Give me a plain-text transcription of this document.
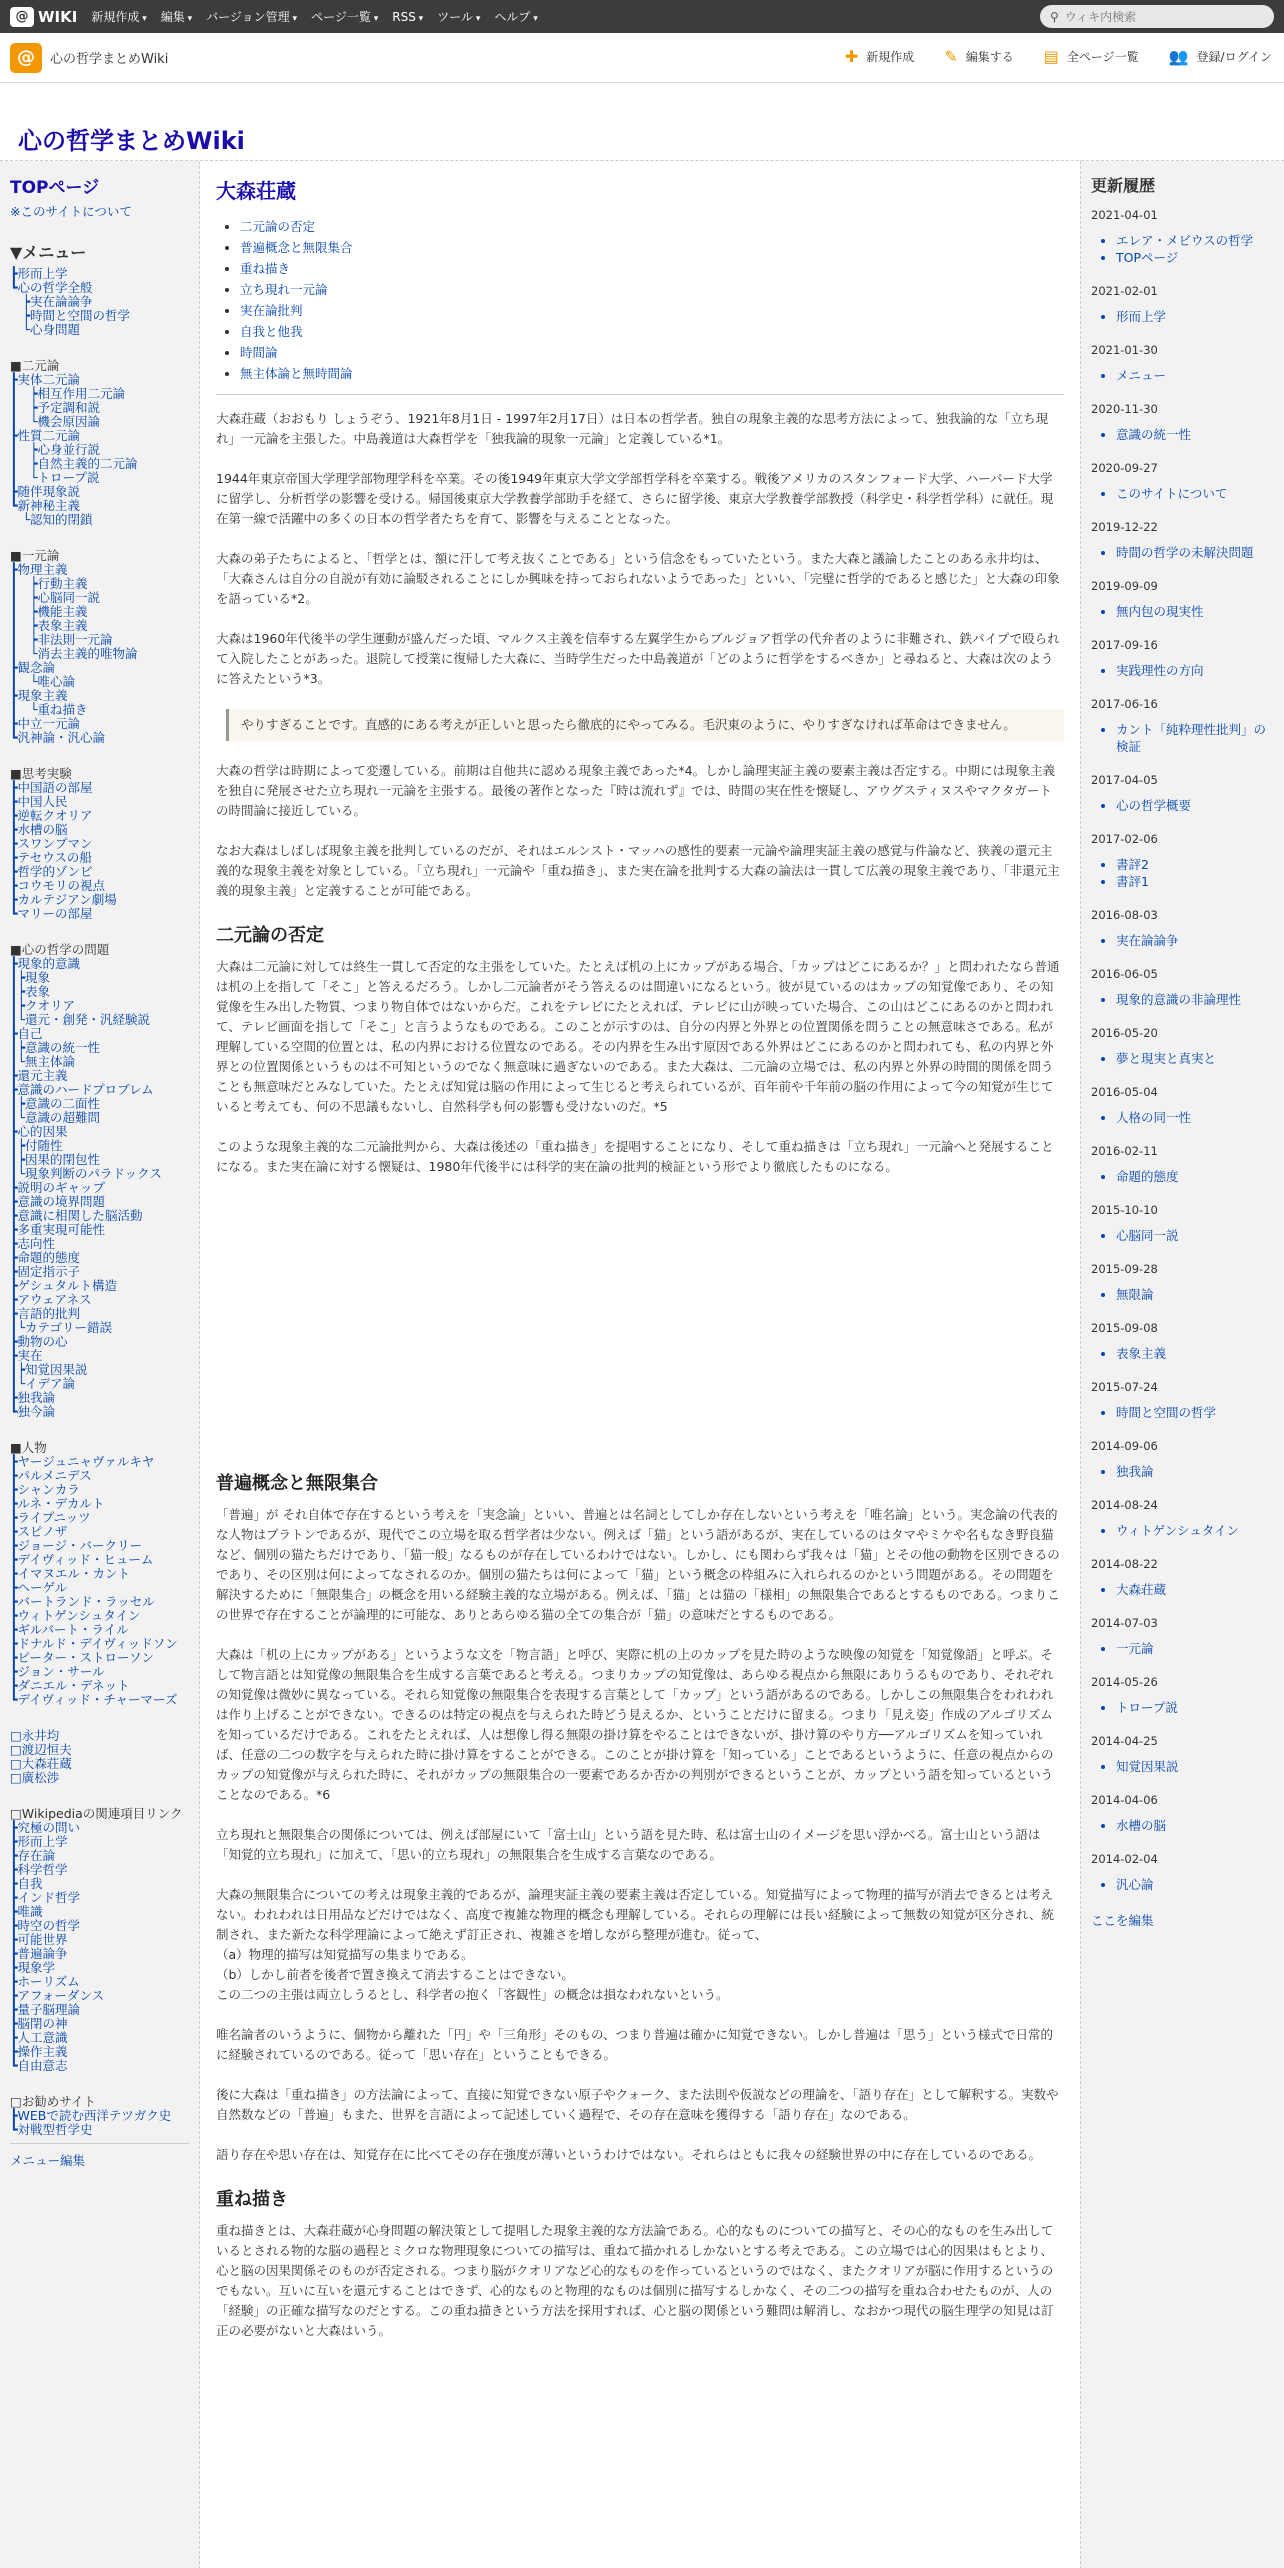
@ WIKI 新規作成 ▾	編集 ▾	バージョン管理 ▾	ページ一覧 ▾	RSS ▾	ツール ▾	ヘルプ ▾	⚲
ウィキ内検索
@	心の哲学まとめWiki	✚ 新規作成 ✎ 編集する ▤ 全ページ一覧 👥 登録/ログイン
心の哲学まとめWiki
TOPページ
※このサイトについて
▼メニュー
┣形而上学
┗心の哲学全般
　┝実在論論争
　┝時間と空間の哲学
　└心身問題
■二元論
┣実体二元論
┃　┝相互作用二元論
┃　┝予定調和説
┃　└機会原因論
┣性質二元論
┃　┝心身並行説
┃　┝自然主義的二元論
┃　└トロープ説
┣随伴現象説
┗新神秘主義
　└認知的閉鎖
■一元論
┣物理主義
┃　┝行動主義
┃　┝心脳同一説
┃　┝機能主義
┃　┝表象主義
┃　┝非法則一元論
┃　└消去主義的唯物論
┣観念論
┃　└唯心論
┣現象主義
┃　└重ね描き
┣中立一元論
┗汎神論・汎心論
■思考実験
┣中国語の部屋
┣中国人民
┣逆転クオリア
┣水槽の脳
┣スワンプマン
┣テセウスの船
┣哲学的ゾンビ
┣コウモリの視点
┣カルテジアン劇場
┗マリーの部屋
■心の哲学の問題
┣現象的意識
┃┝現象
┃┝表象
┃┝クオリア
┃└還元・創発・汎経験説
┣自己
┃┝意識の統一性
┃└無主体論
┣還元主義
┣意識のハードプロブレム
┃┝意識の二面性
┃└意識の超難問
┣心的因果
┃┝付随性
┃┝因果的閉包性
┃└現象判断のパラドックス
┣説明のギャップ
┣意識の境界問題
┣意識に相関した脳活動
┣多重実現可能性
┣志向性
┣命題的態度
┣固定指示子
┣ゲシュタルト構造
┣アウェアネス
┣言語的批判
┃└カテゴリー錯誤
┣動物の心
┣実在
┃┝知覚因果説
┃└イデア論
┣独我論
┗独今論
■人物
┣ヤージュニャヴァルキヤ
┣パルメニデス
┣シャンカラ
┣ルネ・デカルト
┣ライプニッツ
┣スピノザ
┣ジョージ・バークリー
┣デイヴィッド・ヒューム
┣イマヌエル・カント
┣ヘーゲル
┣バートランド・ラッセル
┣ウィトゲンシュタイン
┣ギルバート・ライル
┣ドナルド・デイヴィッドソン
┣ピーター・ストローソン
┣ジョン・サール
┣ダニエル・デネット
┗デイヴィッド・チャーマーズ
□永井均
□渡辺恒夫
□大森荘蔵
□廣松渉
□Wikipediaの関連項目リンク
┣究極の問い
┣形而上学
┣存在論
┣科学哲学
┣自我
┣インド哲学
┣唯識
┣時空の哲学
┣可能世界
┣普遍論争
┣現象学
┣ホーリズム
┣アフォーダンス
┣量子脳理論
┣脳閉の神
┣人工意識
┣操作主義
┗自由意志
□お勧めサイト
┣WEBで読む西洋テツガク史
┗対戦型哲学史
メニュー編集
大森荘蔵
• 二元論の否定
• 普遍概念と無限集合
• 重ね描き
• 立ち現れ一元論
• 実在論批判
• 自我と他我
• 時間論
• 無主体論と無時間論

大森荘蔵（おおもり しょうぞう、1921年8月1日 - 1997年2月17日）は日本の哲学者。独自の現象主義的な思考方法によって、独我論的な「立ち現れ」一元論を主張した。中島義道は大森哲学を「独我論的現象一元論」と定義している*1。

1944年東京帝国大学理学部物理学科を卒業。その後1949年東京大学文学部哲学科を卒業する。戦後アメリカのスタンフォード大学、ハーバード大学に留学し、分析哲学の影響を受ける。帰国後東京大学教養学部助手を経て、さらに留学後、東京大学教養学部教授（科学史・科学哲学科）に就任。現在第一線で活躍中の多くの日本の哲学者たちを育て、影響を与えることとなった。

大森の弟子たちによると、「哲学とは、額に汗して考え抜くことである」という信念をもっていたという。また大森と議論したことのある永井均は、「大森さんは自分の自説が有効に論駁されることにしか興味を持っておられないようであった」といい、「完璧に哲学的であると感じた」と大森の印象を語っている*2。

大森は1960年代後半の学生運動が盛んだった頃、マルクス主義を信奉する左翼学生からブルジョア哲学の代弁者のように非難され、鉄パイプで殴られて入院したことがあった。退院して授業に復帰した大森に、当時学生だった中島義道が「どのように哲学をするべきか」と尋ねると、大森は次のように答えたという*3。

やりすぎることです。直感的にある考えが正しいと思ったら徹底的にやってみる。毛沢東のように、やりすぎなければ革命はできません。

大森の哲学は時期によって変遷している。前期は自他共に認める現象主義であった*4。しかし論理実証主義の要素主義は否定する。中期には現象主義を独自に発展させた立ち現れ一元論を主張する。最後の著作となった『時は流れず』では、時間の実在性を懐疑し、アウグスティヌスやマクタガートの時間論に接近している。

なお大森はしばしば現象主義を批判しているのだが、それはエルンスト・マッハの感性的要素一元論や論理実証主義の感覚与件論など、狭義の還元主義的な現象主義を対象としている。「立ち現れ」一元論や「重ね描き」、また実在論を批判する大森の論法は一貫して広義の現象主義であり、「非還元主義的現象主義」と定義することが可能である。

二元論の否定

大森は二元論に対しては終生一貫して否定的な主張をしていた。たとえば机の上にカップがある場合、「カップはどこにあるか？」と問われたなら普通は机の上を指して「そこ」と答えるだろう。しかし二元論者がそう答えるのは間違いになるという。彼が見ているのはカップの知覚像であり、その知覚像を生み出した物質、つまり物自体ではないからだ。これをテレビにたとえれば、テレビに山が映っていた場合、この山はどこにあるのかと問われて、テレビ画面を指して「そこ」と言うようなものである。このことが示すのは、自分の内界と外界との位置関係を問うことの無意味さである。私が理解している空間的位置とは、私の内界における位置なのである。その内界を生み出す原因である外界はどこにあるのかと問われても、私の内界と外界との位置関係というものは不可知というのでなく無意味に過ぎないのである。また大森は、二元論の立場では、私の内界と外界の時間的関係を問うことも無意味だとみなしていた。たとえば知覚は脳の作用によって生じると考えられているが、百年前や千年前の脳の作用によって今の知覚が生じていると考えても、何の不思議もないし、自然科学も何の影響も受けないのだ。*5

このような現象主義的な二元論批判から、大森は後述の「重ね描き」を提唱することになり、そして重ね描きは「立ち現れ」一元論へと発展することになる。また実在論に対する懐疑は、1980年代後半には科学的実在論の批判的検証という形でより徹底したものになる。

普遍概念と無限集合

「普遍」が それ自体で存在するという考えを「実念論」といい、普遍とは名詞としてしか存在しないという考えを「唯名論」という。実念論の代表的な人物はプラトンであるが、現代でこの立場を取る哲学者は少ない。例えば「猫」という語があるが、実在しているのはタマやミケや名もなき野良猫など、個別の猫たちだけであり、「猫一般」なるものが存在しているわけではない。しかし、にも関わらず我々は「猫」とその他の動物を区別できるのであり、その区別は何によってなされるのか。個別の猫たちは何によって「猫」という概念の枠組みに入れられるのかという問題がある。その問題を解決するために「無限集合」の概念を用いる経験主義的な立場がある。例えば、「猫」とは猫の「様相」の無限集合であるとするものである。つまりこの世界で存在することが論理的に可能な、ありとあらゆる猫の全ての集合が「猫」の意味だとするものである。

大森は「机の上にカップがある」というような文を「物言語」と呼び、実際に机の上のカップを見た時のような映像の知覚を「知覚像語」と呼ぶ。そして物言語とは知覚像の無限集合を生成する言葉であると考える。つまりカップの知覚像は、あらゆる視点から無限にありうるものであり、それぞれの知覚像は微妙に異なっている。それら知覚像の無限集合を表現する言葉として「カップ」という語があるのである。しかしこの無限集合をわれわれは作り上げることができない。できるのは特定の視点を与えられた時どう見えるか、ということだけに留まる。つまり「見え姿」作成のアルゴリズムを知っているだけである。これをたとえれば、人は想像し得る無限の掛け算をやることはできないが、掛け算のやり方──アルゴリズムを知っていれば、任意の二つの数字を与えられた時に掛け算をすることができる。このことが掛け算を「知っている」ことであるというように、任意の視点からのカップの知覚像が与えられた時に、それがカップの無限集合の一要素であるか否かの判別ができるということが、カップという語を知っているということなのである。*6

立ち現れと無限集合の関係については、例えば部屋にいて「富士山」という語を見た時、私は富士山のイメージを思い浮かべる。富士山という語は「知覚的立ち現れ」に加えて、「思い的立ち現れ」の無限集合を生成する言葉なのである。

大森の無限集合についての考えは現象主義的であるが、論理実証主義の要素主義は否定している。知覚描写によって物理的描写が消去できるとは考えない。われわれは日用品などだけではなく、高度で複雑な物理的概念も理解している。それらの理解には長い経験によって無数の知覚が区分され、統制され、また新たな科学理論によって絶えず訂正され、複雑さを増しながら整理が進む。従って、

（a）物理的描写は知覚描写の集まりである。

（b）しかし前者を後者で置き換えて消去することはできない。

この二つの主張は両立しうるとし、科学者の抱く「客観性」の概念は損なわれないという。

唯名論者のいうように、個物から離れた「円」や「三角形」そのもの、つまり普遍は確かに知覚できない。しかし普遍は「思う」という様式で日常的に経験されているのである。従って「思い存在」ということもできる。

後に大森は「重ね描き」の方法論によって、直接に知覚できない原子やクォーク、また法則や仮説などの理論を、「語り存在」として解釈する。実数や自然数などの「普遍」もまた、世界を言語によって記述していく過程で、その存在意味を獲得する「語り存在」なのである。

語り存在や思い存在は、知覚存在に比べてその存在強度が薄いというわけではない。それらはともに我々の経験世界の中に存在しているのである。

重ね描き

重ね描きとは、大森荘蔵が心身問題の解決策として提唱した現象主義的な方法論である。心的なものについての描写と、その心的なものを生み出しているとされる物的な脳の過程とミクロな物理現象についての描写は、重ねて描かれるしかないとする考えである。この立場では心的因果はもとより、心と脳の因果関係そのものが否定される。つまり脳がクオリアなど心的なものを作っているというのではなく、またクオリアが脳に作用するというのでもない。互いに互いを還元することはできず、心的なものと物理的なものは個別に描写するしかなく、その二つの描写を重ね合わせたものが、人の「経験」の正確な描写なのだとする。この重ね描きという方法を採用すれば、心と脳の関係という難問は解消し、なおかつ現代の脳生理学の知見は訂正の必要がないと大森はいう。

更新履歴
2021-04-01
• エレア・メビウスの哲学
• TOPページ
2021-02-01
• 形而上学
2021-01-30
• メニュー
2020-11-30
• 意識の統一性
2020-09-27
• このサイトについて
2019-12-22
• 時間の哲学の未解決問題
2019-09-09
• 無内包の現実性
2017-09-16
• 実践理性の方向
2017-06-16
• カント「純粋理性批判」の検証
2017-04-05
• 心の哲学概要
2017-02-06
• 書評2
• 書評1
2016-08-03
• 実在論論争
2016-06-05
• 現象的意識の非論理性
2016-05-20
• 夢と現実と真実と
2016-05-04
• 人格の同一性
2016-02-11
• 命題的態度
2015-10-10
• 心脳同一説
2015-09-28
• 無限論
2015-09-08
• 表象主義
2015-07-24
• 時間と空間の哲学
2014-09-06
• 独我論
2014-08-24
• ウィトゲンシュタイン
2014-08-22
• 大森荘蔵
2014-07-03
• 一元論
2014-05-26
• トロープ説
2014-04-25
• 知覚因果説
2014-04-06
• 水槽の脳
2014-02-04
• 汎心論
ここを編集
